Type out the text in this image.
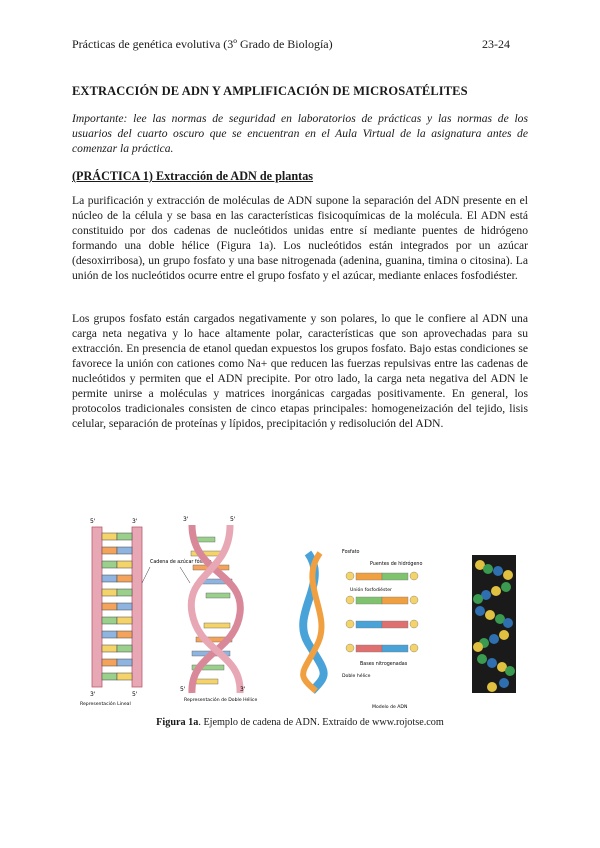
Prácticas de genética evolutiva (3º Grado de Biología)	23-24
EXTRACCIÓN DE ADN Y AMPLIFICACIÓN DE MICROSATÉLITES
Importante: lee las normas de seguridad en laboratorios de prácticas y las normas de los usuarios del cuarto oscuro que se encuentran en el Aula Virtual de la asignatura antes de comenzar la práctica.
(PRÁCTICA 1) Extracción de ADN de plantas
La purificación y extracción de moléculas de ADN supone la separación del ADN presente en el núcleo de la célula y se basa en las características fisicoquímicas de la molécula. El ADN está constituido por dos cadenas de nucleótidos unidas entre sí mediante puentes de hidrógeno formando una doble hélice (Figura 1a). Los nucleótidos están integrados por un azúcar (desoxirribosa), un grupo fosfato y una base nitrogenada (adenina, guanina, timina o citosina). La unión de los nucleótidos ocurre entre el grupo fosfato y el azúcar, mediante enlaces fosfodiéster.
Los grupos fosfato están cargados negativamente y son polares, lo que le confiere al ADN una carga neta negativa y lo hace altamente polar, características que son aprovechadas para su extracción. En presencia de etanol quedan expuestos los grupos fosfato. Bajo estas condiciones se favorece la unión con cationes como Na+ que reducen las fuerzas repulsivas entre las cadenas de nucleótidos y permiten que el ADN precipite. Por otro lado, la carga neta negativa del ADN le permite unirse a moléculas y matrices inorgánicas cargadas positivamente. En general, los protocolos tradicionales consisten de cinco etapas principales: homogeneización del tejido, lisis celular, separación de proteínas y lípidos, precipitación y redisolución del ADN.
5'	3'
3'	5'
Representación Lineal
Cadena de azúcar fósforo
3'	5'
5'	3'
Representación de Doble Hélice
Fosfato
Puentes de hidrógeno
Unión fosfodiéster
Bases nitrogenadas
Doble hélice
Modelo de ADN
Figura 1a. Ejemplo de cadena de ADN. Extraído de www.rojotse.com
